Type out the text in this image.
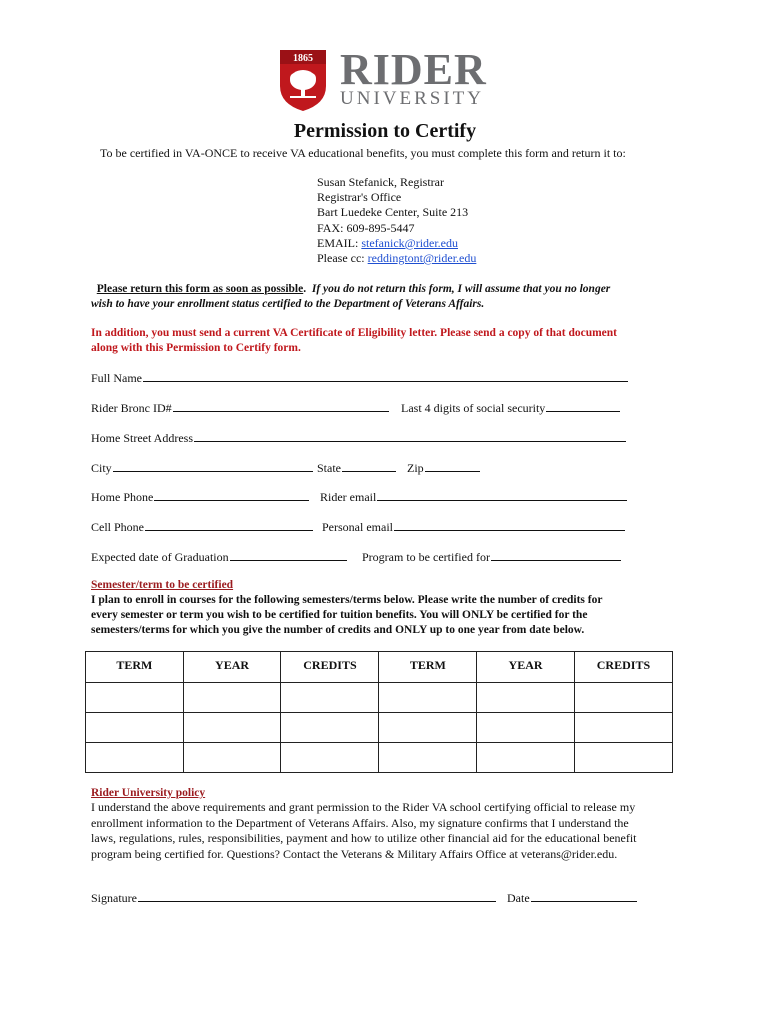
1865 RIDER
UNIVERSITY
Permission to Certify
To be certified in VA-ONCE to receive VA educational benefits, you must complete this form and return it to:
Susan Stefanick, Registrar
Registrar's Office
Bart Luedeke Center, Suite 213
FAX: 609-895-5447
EMAIL: stefanick@rider.edu
Please cc: reddingtont@rider.edu
Please return this form as soon as possible. If you do not return this form, I will assume that you no longer
wish to have your enrollment status certified to the Department of Veterans Affairs.
In addition, you must send a current VA Certificate of Eligibility letter. Please send a copy of that document
along with this Permission to Certify form.
Full Name
Rider Bronc ID#	Last 4 digits of social security
Home Street Address
City	State	Zip
Home Phone	Rider email
Cell Phone	Personal email
Expected date of Graduation	Program to be certified for
Semester/term to be certified
I plan to enroll in courses for the following semesters/terms below. Please write the number of credits for
every semester or term you wish to be certified for tuition benefits. You will ONLY be certified for the
semesters/terms for which you give the number of credits and ONLY up to one year from date below.
TERM	YEAR	CREDITS	TERM	YEAR	CREDITS

Rider University policy
I understand the above requirements and grant permission to the Rider VA school certifying official to release my
enrollment information to the Department of Veterans Affairs. Also, my signature confirms that I understand the
laws, regulations, rules, responsibilities, payment and how to utilize other financial aid for the educational benefit
program being certified for. Questions? Contact the Veterans & Military Affairs Office at veterans@rider.edu.
Signature	Date
